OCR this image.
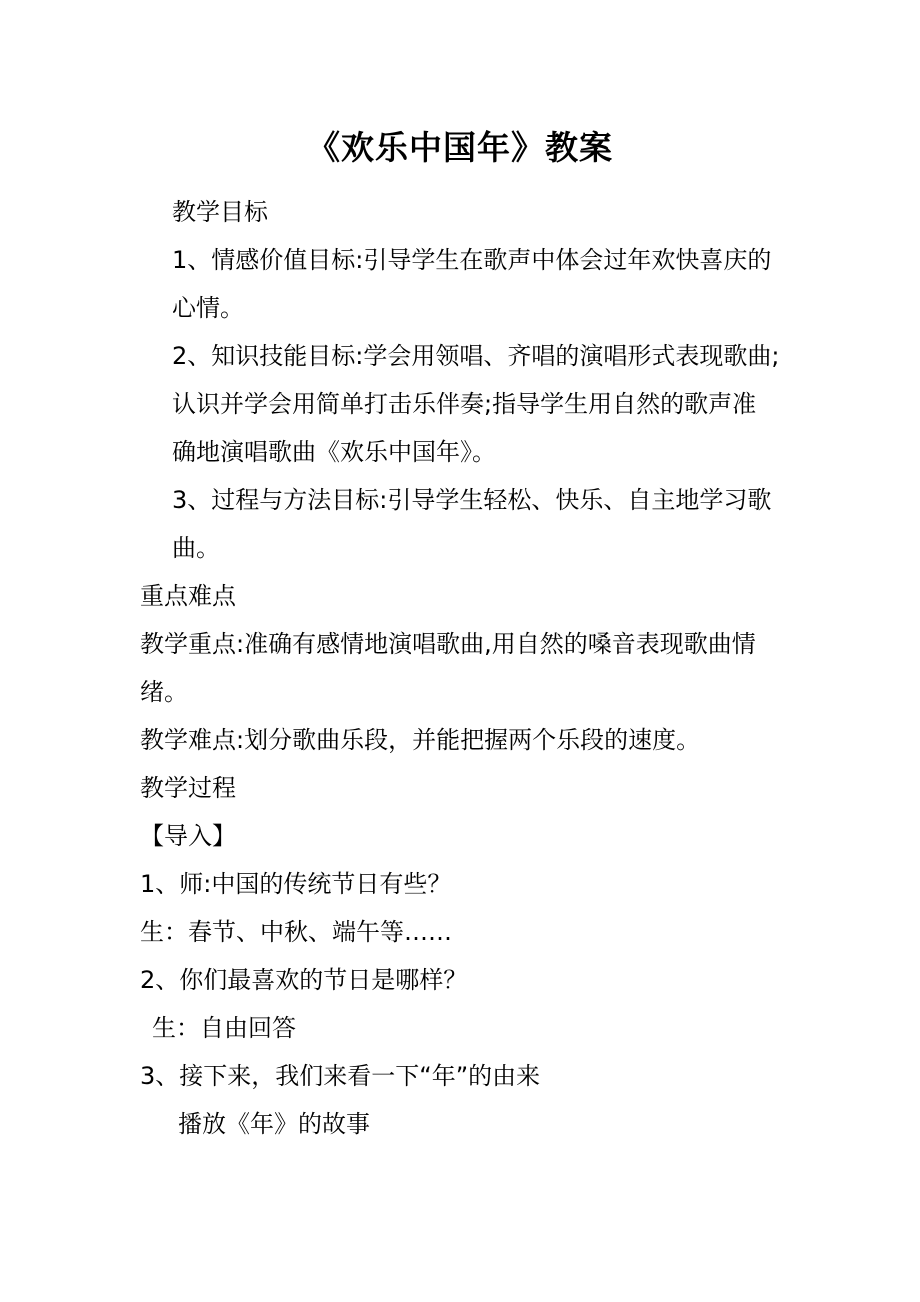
《欢乐中国年》教案

教学目标

1、情感价值目标:引导学生在歌声中体会过年欢快喜庆的

心情。

2、知识技能目标:学会用领唱、齐唱的演唱形式表现歌曲;

认识并学会用简单打击乐伴奏;指导学生用自然的歌声准

确地演唱歌曲《欢乐中国年》。

3、过程与方法目标:引导学生轻松、快乐、自主地学习歌

曲。

重点难点

教学重点:准确有感情地演唱歌曲,用自然的嗓音表现歌曲情

绪。

教学难点:划分歌曲乐段，并能把握两个乐段的速度。

教学过程

【导入】

1、师:中国的传统节日有些？

生：春节、中秋、端午等……

2、你们最喜欢的节日是哪样？

生：自由回答

3、接下来，我们来看一下“年”的由来

播放《年》的故事
